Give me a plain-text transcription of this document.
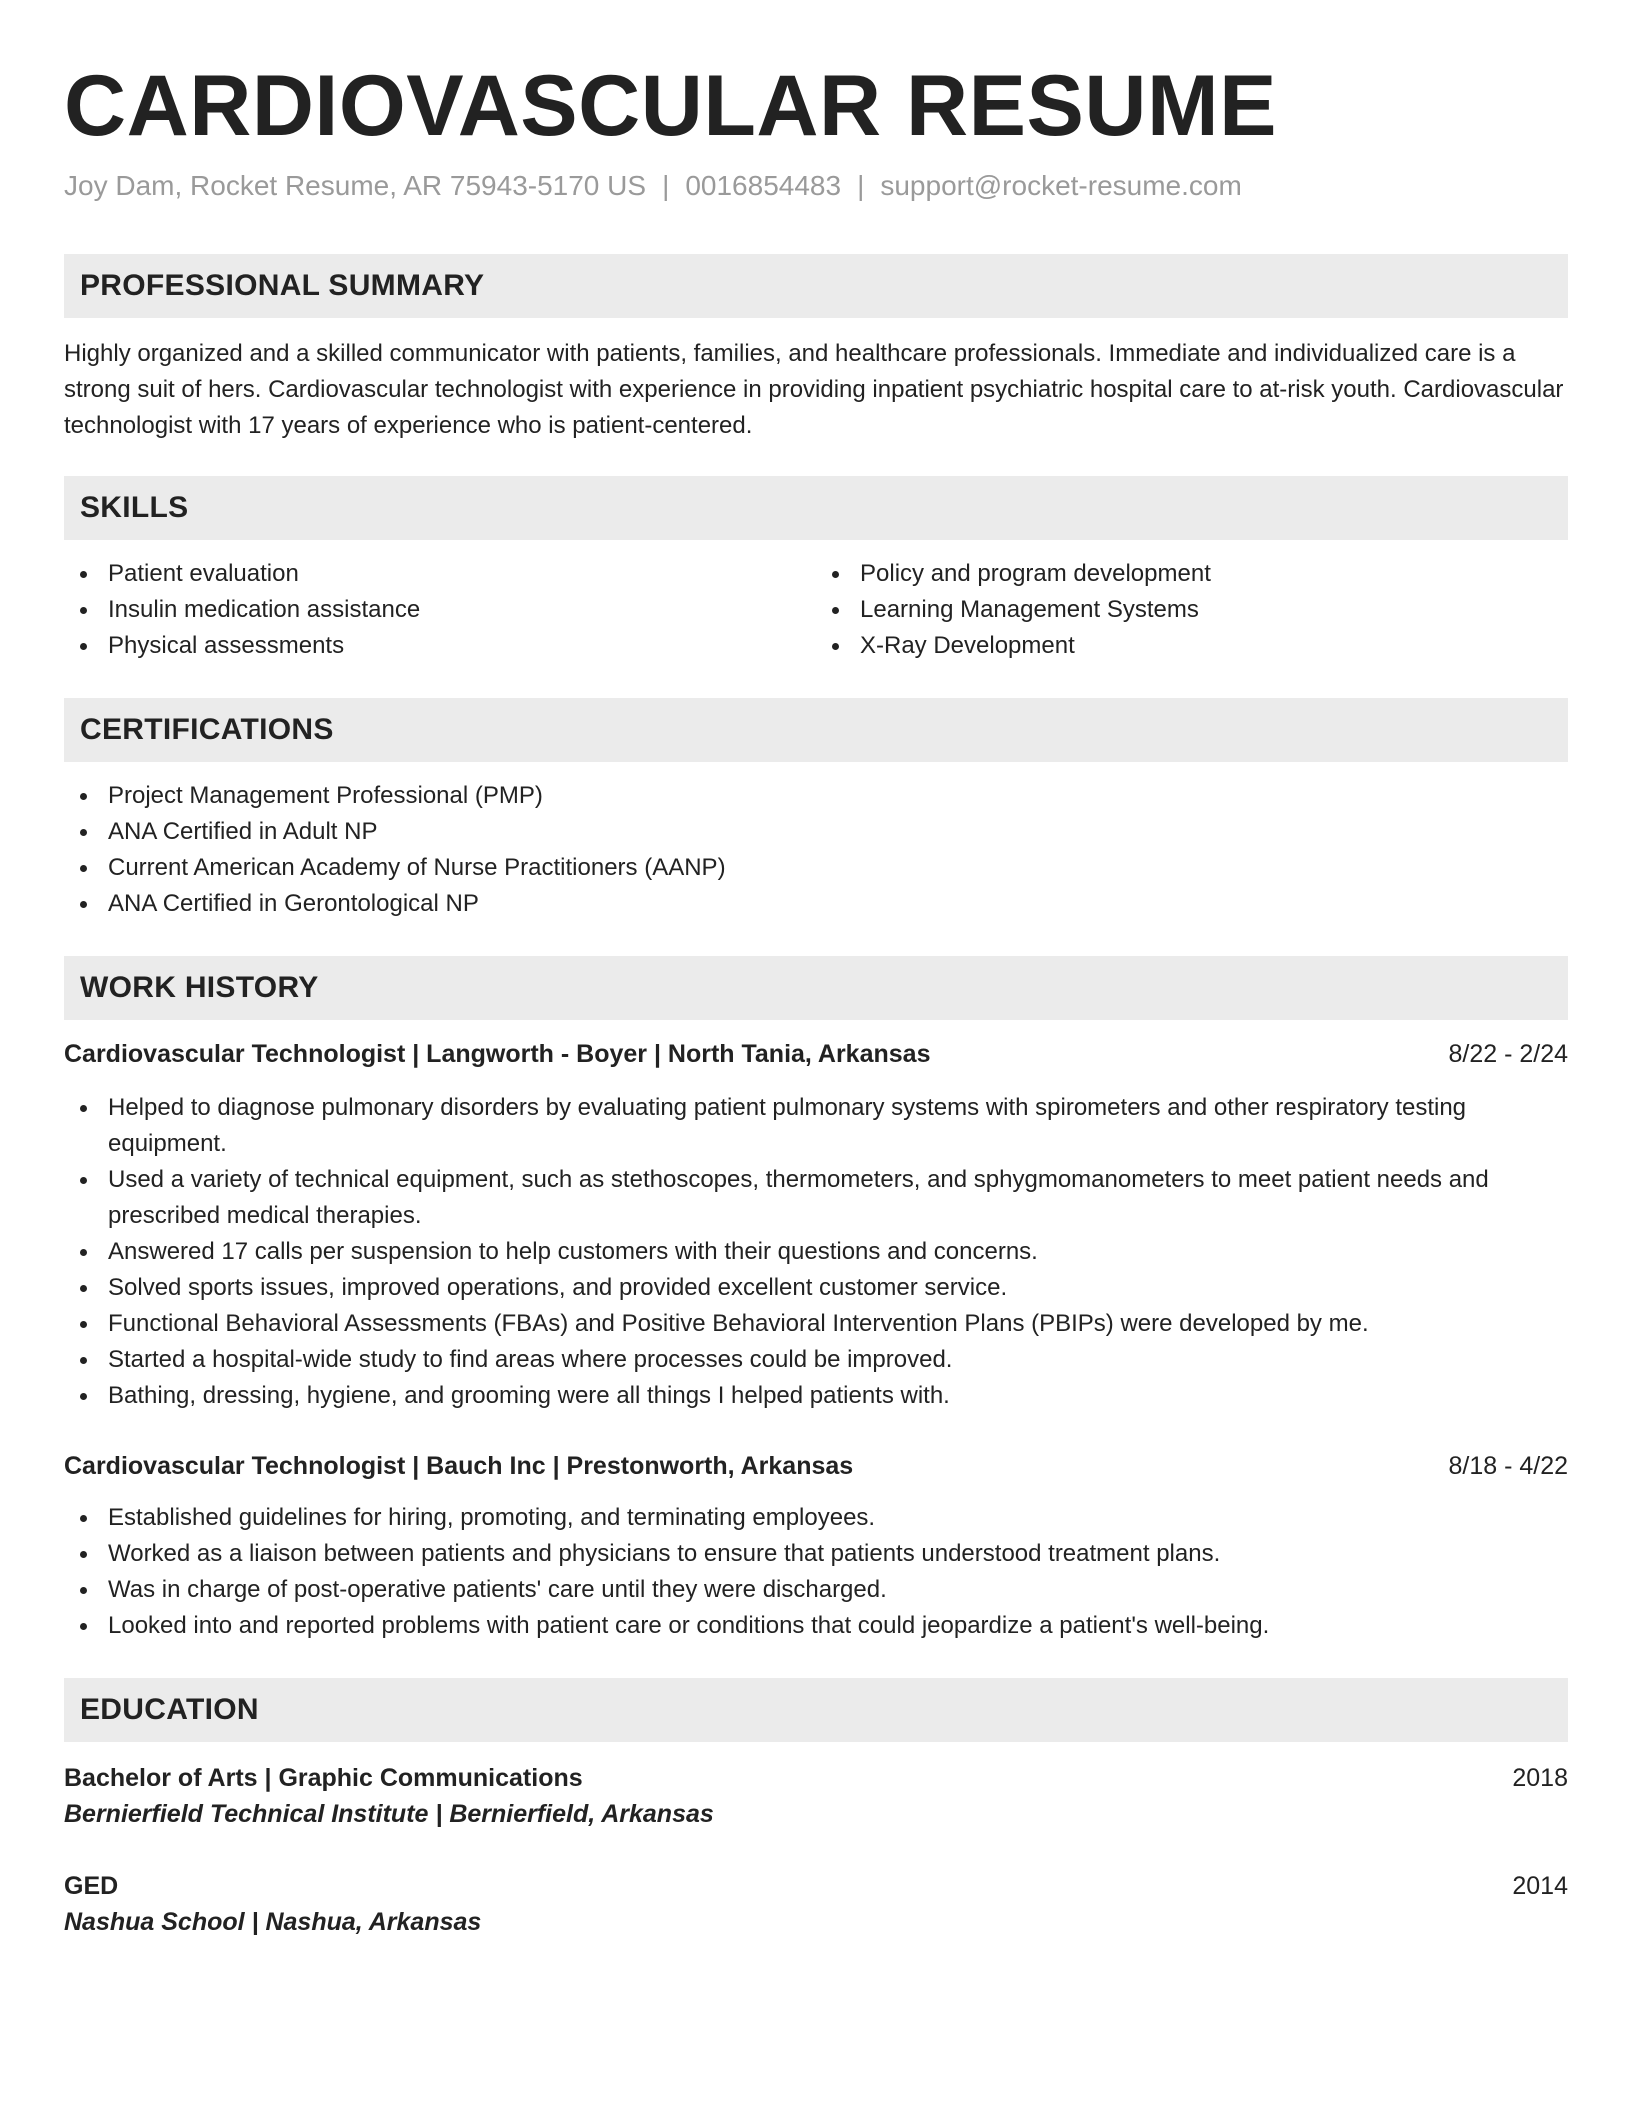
CARDIOVASCULAR RESUME
Joy Dam, Rocket Resume, AR 75943-5170 US | 0016854483 | support@rocket-resume.com
PROFESSIONAL SUMMARY
Highly organized and a skilled communicator with patients, families, and healthcare professionals. Immediate and individualized care is a strong suit of hers. Cardiovascular technologist with experience in providing inpatient psychiatric hospital care to at-risk youth. Cardiovascular technologist with 17 years of experience who is patient-centered.
SKILLS
Patient evaluation
Insulin medication assistance
Physical assessments
Policy and program development
Learning Management Systems
X-Ray Development
CERTIFICATIONS
Project Management Professional (PMP)
ANA Certified in Adult NP
Current American Academy of Nurse Practitioners (AANP)
ANA Certified in Gerontological NP
WORK HISTORY
Cardiovascular Technologist | Langworth - Boyer | North Tania, Arkansas	8/22 - 2/24
Helped to diagnose pulmonary disorders by evaluating patient pulmonary systems with spirometers and other respiratory testing equipment.
Used a variety of technical equipment, such as stethoscopes, thermometers, and sphygmomanometers to meet patient needs and prescribed medical therapies.
Answered 17 calls per suspension to help customers with their questions and concerns.
Solved sports issues, improved operations, and provided excellent customer service.
Functional Behavioral Assessments (FBAs) and Positive Behavioral Intervention Plans (PBIPs) were developed by me.
Started a hospital-wide study to find areas where processes could be improved.
Bathing, dressing, hygiene, and grooming were all things I helped patients with.
Cardiovascular Technologist | Bauch Inc | Prestonworth, Arkansas	8/18 - 4/22
Established guidelines for hiring, promoting, and terminating employees.
Worked as a liaison between patients and physicians to ensure that patients understood treatment plans.
Was in charge of post-operative patients' care until they were discharged.
Looked into and reported problems with patient care or conditions that could jeopardize a patient's well-being.
EDUCATION
Bachelor of Arts | Graphic Communications	2018
Bernierfield Technical Institute | Bernierfield, Arkansas
GED	2014
Nashua School | Nashua, Arkansas
